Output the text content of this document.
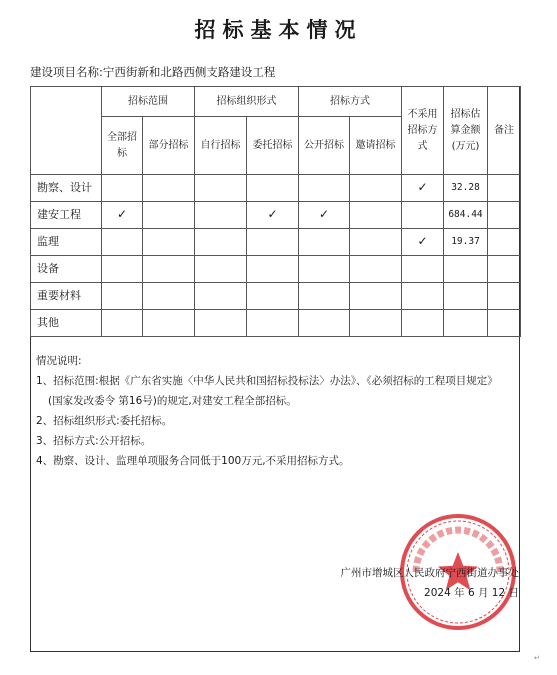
招标基本情况
建设项目名称:宁西街新和北路西侧支路建设工程
	招标范围		招标组织形式		招标方式		不采用招标方式	招标估算金额(万元)	备注
	全部招标	部分招标	自行招标	委托招标	公开招标	邀请招标			
勘察、设计							✓	32.28	
建安工程	✓			✓	✓			684.44	
监理							✓	19.37	
设备									
重要材料									
其他									

情况说明:

1、招标范围:根据《广东省实施〈中华人民共和国招标投标法〉办法》、《必须招标的工程项目规定》

(国家发改委令 第16号)的规定,对建安工程全部招标。

2、招标组织形式:委托招标。

3、招标方式:公开招标。

4、勘察、设计、监理单项服务合同低于100万元,不采用招标方式。

广州市增城区人民政府宁西街道办事处
2024 年 6 月 12 日
↵
